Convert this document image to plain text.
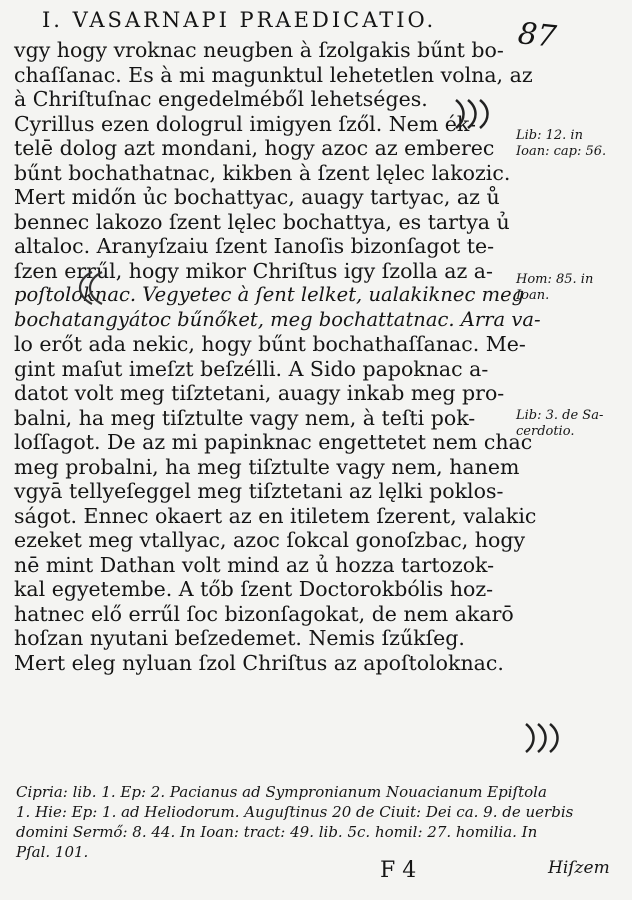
I. VASARNAPI PRAEDICATIO.	87
vgy hogy vroknac neugben à ſzolgakis bűnt bo-
chaſſanac. Es à mi magunktul lehetetlen volna, az
à Chriſtuſnac engedelméből lehetséges.
Cyrillus ezen dologrul imigyen ſzől. Nem ék-
telē dolog azt mondani, hogy azoc az emberec
bűnt bochathatnac, kikben à ſzent lęlec lakozic.
Mert midőn ủc bochattyac, auagy tartyac, az ů
bennec lakozo ſzent lęlec bochattya, es tartya ủ
altaloc. Aranyſzaiu ſzent Ianoſis bizonſagot te-
ſzen errűl, hogy mikor Chriſtus igy ſzolla az a-
poſtoloknac. Vegyetec à ſent lelket, ualakiknec meg
bochatangyátoc bűnőket, meg bochattatnac. Arra va-
lo erőt ada nekic, hogy bűnt bochathaſſanac. Me-
gint maſut imeſzt beſzélli. A Sido papoknac a-
datot volt meg tiſztetani, auagy inkab meg pro-
balni, ha meg tiſztulte vagy nem, à teſti pok-
loſſagot. De az mi papinknac engettetet nem chac
meg probalni, ha meg tiſztulte vagy nem, hanem
vgyā tellyeſeggel meg tiſztetani az lęlki poklos-
ságot. Ennec okaert az en itiletem ſzerent, valakic
ezeket meg vtallyac, azoc ſokcal gonoſzbac, hogy
nē mint Dathan volt mind az ủ hozza tartozok-
kal egyetembe. A tőb ſzent Doctorokbólis hoz-
hatnec elő errűl ſoc bizonſagokat, de nem akarō
hoſzan nyutani beſzedemet. Nemis ſzűkſeg.
Mert eleg nyluan ſzol Chriſtus az apoſtoloknac.
Cipria: lib. 1. Ep: 2. Pacianus ad Sympronianum Nouacianum Epiſtola
1. Hie: Ep: 1. ad Heliodorum. Auguſtinus 20 de Ciuit: Dei ca. 9. de uerbis
domini Sermő: 8. 44. In Ioan: tract: 49. lib. 5c. homil: 27. homilia. In
Pſal. 101.
F 4	Hiſzem
Lib: 12. in
Ioan: cap: 56.
Hom: 85. in
Ioan.
Lib: 3. de Sa-
cerdotio.
